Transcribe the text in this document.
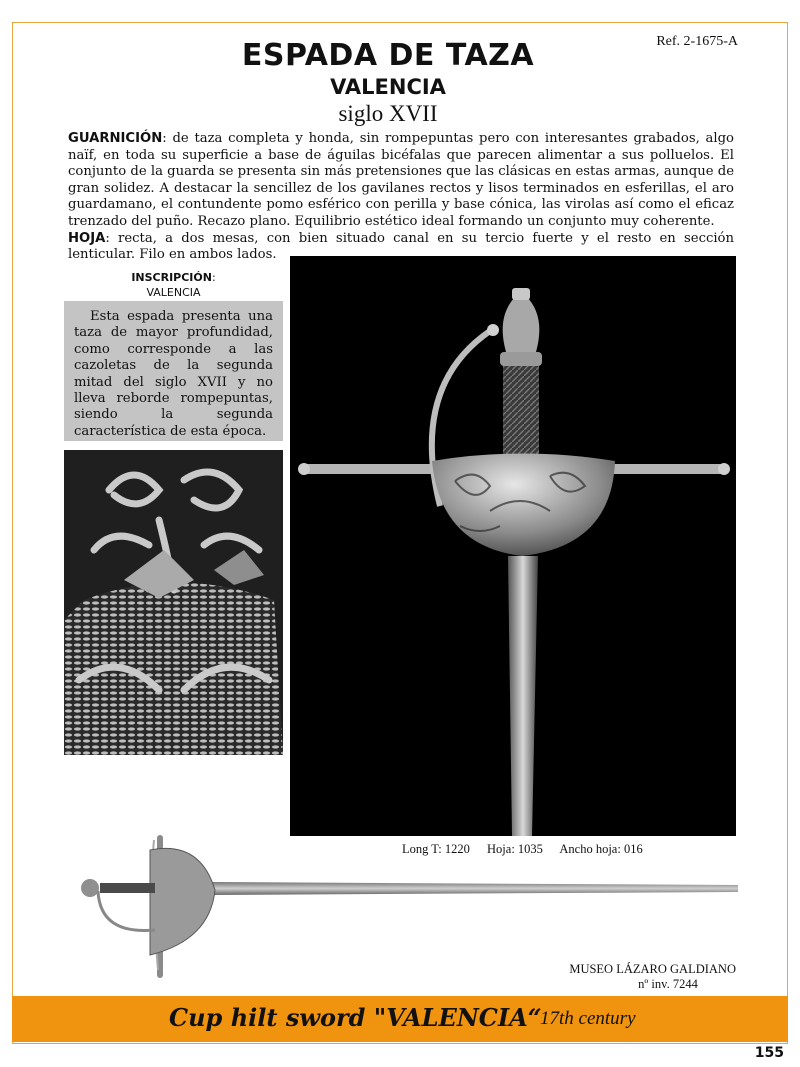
Ref. 2-1675-A
ESPADA DE TAZA
VALENCIA
siglo XVII

GUARNICIÓN: de taza completa y honda, sin rompepuntas pero con interesantes grabados, algo naïf, en toda su superficie a base de águilas bicéfalas que parecen alimentar a sus polluelos. El conjunto de la guarda se presenta sin más pretensiones que las clásicas en estas armas, aunque de gran solidez. A destacar la sencillez de los gavilanes rectos y lisos terminados en esferillas, el aro guardamano, el contundente pomo esférico con perilla y base cónica, las virolas así como el eficaz trenzado del puño. Recazo plano. Equilibrio estético ideal formando un conjunto muy coherente.

HOJA: recta, a dos mesas, con bien situado canal en su tercio fuerte y el resto en sección lenticular. Filo en ambos lados.

INSCRIPCIÓN:
VALENCIA
Esta espada presenta una taza de mayor profundidad, como corresponde a las cazoletas de la segunda mitad del siglo XVII y no lleva reborde rompepuntas, siendo la segunda característica de esta época.
Long T: 1220 Hoja: 1035 Ancho hoja: 016
MUSEO LÁZARO GALDIANO
nº inv. 7244
Cup hilt sword "VALENCIA“
17th century
155
